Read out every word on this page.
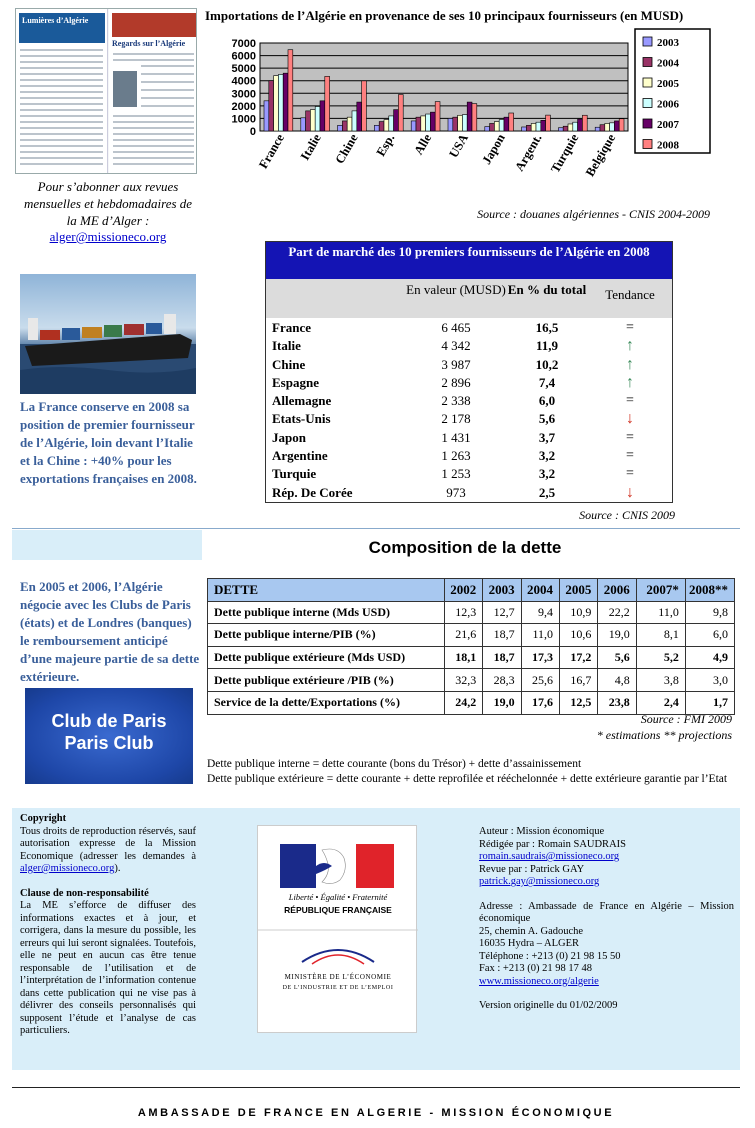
Lumières d’Algérie
Regards sur l’Algérie
Pour s’abonner aux revues mensuelles et hebdomadaires de la ME d’Alger :
alger@missioneco.org
Importations de l’Algérie en provenance de ses 10 principaux fournisseurs (en MUSD)
0
1000
2000
3000
4000
5000
6000
7000
France Italie Chine Esp. Alle USA Japon Argent. Turquie Belgique
2003
2004
2005
2006
2007
2008
Source : douanes algériennes - CNIS 2004-2009
La France conserve en 2008 sa position de premier fournisseur de l’Algérie, loin devant l’Italie et la Chine : +40% pour les exportations françaises en 2008.
Part de marché des 10 premiers fournisseurs de l’Algérie en 2008
En valeur (MUSD) En % du total	Tendance
France	6 465	16,5	=
Italie	4 342	11,9	↑
Chine	3 987	10,2	↑
Espagne	2 896	7,4	↑
Allemagne	2 338	6,0	=
Etats-Unis	2 178	5,6	↓
Japon	1 431	3,7	=
Argentine	1 263	3,2	=
Turquie	1 253	3,2	=
Rép. De Corée	973	2,5	↓
Source : CNIS 2009
Composition de la dette
En 2005 et 2006, l’Algérie négocie avec les Clubs de Paris (états) et de Londres (banques) le remboursement anticipé d’une majeure partie de sa dette extérieure.
Club de Paris
Paris Club
DETTE	2002	2003	2004	2005	2006	2007*	2008**
Dette publique interne (Mds USD)	12,3	12,7	9,4	10,9	22,2	11,0	9,8
Dette publique interne/PIB (%)	21,6	18,7	11,0	10,6	19,0	8,1	6,0
Dette publique extérieure (Mds USD)	18,1	18,7	17,3	17,2	5,6	5,2	4,9
Dette publique extérieure /PIB (%)	32,3	28,3	25,6	16,7	4,8	3,8	3,0
Service de la dette/Exportations (%)	24,2	19,0	17,6	12,5	23,8	2,4	1,7
Source : FMI 2009
* estimations ** projections
Dette publique interne = dette courante (bons du Trésor) + dette d’assainissement
Dette publique extérieure = dette courante + dette reprofilée et rééchelonnée + dette extérieure garantie par l’Etat
Copyright
Tous droits de reproduction réservés, sauf autorisation expresse de la Mission Economique (adresser les demandes à alger@missioneco.org).
Clause de non-responsabilité
La ME s’efforce de diffuser des informations exactes et à jour, et corrigera, dans la mesure du possible, les erreurs qui lui seront signalées. Toutefois, elle ne peut en aucun cas être tenue responsable de l’utilisation et de l’interprétation de l’information contenue dans cette publication qui ne vise pas à délivrer des conseils personnalisés qui supposent l’étude et l’analyse de cas particuliers.
Liberté • Égalité • Fraternité
RÉPUBLIQUE FRANÇAISE
MINISTÈRE DE L’ÉCONOMIE
DE L’INDUSTRIE ET DE L’EMPLOI
Auteur : Mission économique
Rédigée par : Romain SAUDRAIS
romain.saudrais@missioneco.org
Revue par : Patrick GAY
patrick.gay@missioneco.org
Adresse : Ambassade de France en Algérie – Mission économique
25, chemin A. Gadouche
16035 Hydra – ALGER
Téléphone : +213 (0) 21 98 15 50
Fax : +213 (0) 21 98 17 48
www.missioneco.org/algerie
Version originelle du 01/02/2009
AMBASSADE DE FRANCE EN ALGERIE - MISSION ÉCONOMIQUE
